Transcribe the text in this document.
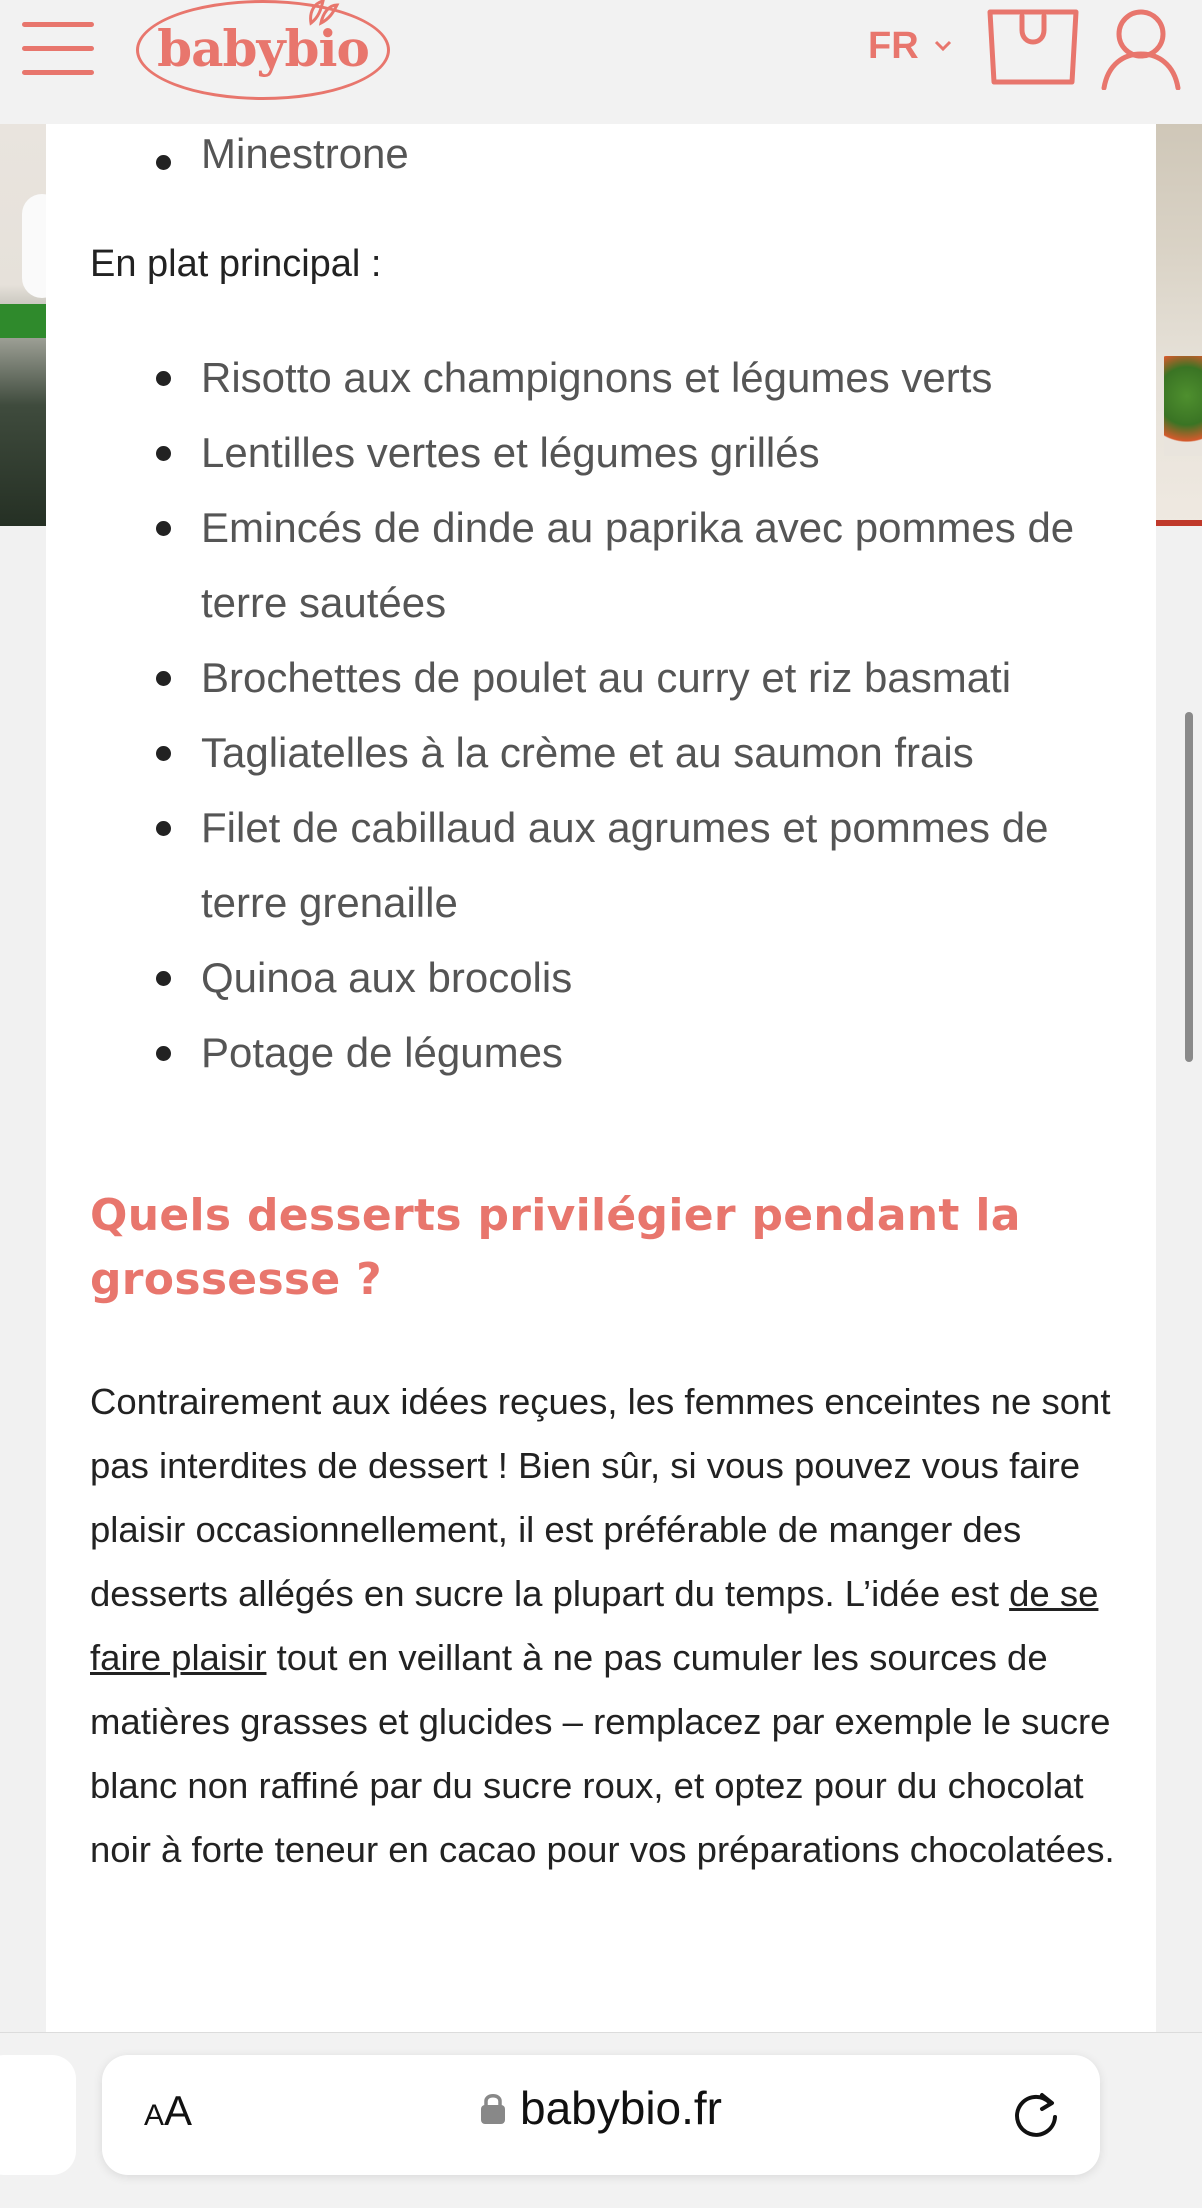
babybio	FR
Minestrone

En plat principal :

Risotto aux champignons et légumes verts
Lentilles vertes et légumes grillés
Emincés de dinde au paprika avec pommes de terre sautées
Brochettes de poulet au curry et riz basmati
Tagliatelles à la crème et au saumon frais
Filet de cabillaud aux agrumes et pommes de terre grenaille
Quinoa aux brocolis
Potage de légumes
Quels desserts privilégier pendant la grossesse ?

Contrairement aux idées reçues, les femmes enceintes ne sont pas interdites de dessert ! Bien sûr, si vous pouvez vous faire plaisir occasionnellement, il est préférable de manger des desserts allégés en sucre la plupart du temps. L’idée est de se faire plaisir tout en veillant à ne pas cumuler les sources de matières grasses et glucides – remplacez par exemple le sucre blanc non raffiné par du sucre roux, et optez pour du chocolat noir à forte teneur en cacao pour vos préparations chocolatées.

AA	babybio.fr
